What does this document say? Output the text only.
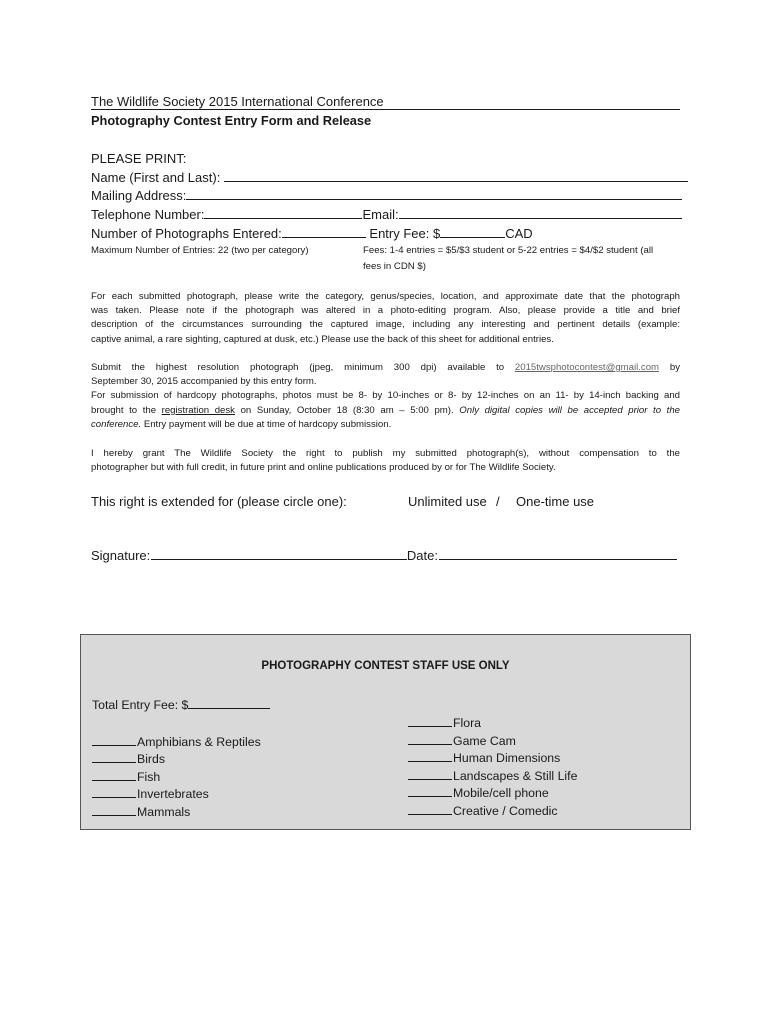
The Wildlife Society 2015 International Conference
Photography Contest Entry Form and Release
PLEASE PRINT:
Name (First and Last):
Mailing Address:
Telephone Number:	Email:
Number of Photographs Entered:	Entry Fee: $	CAD
Maximum Number of Entries: 22 (two per category)	Fees: 1-4 entries = $5/$3 student or 5-22 entries = $4/$2 student (all
fees in CDN $)
For each submitted photograph, please write the category, genus/species, location, and approximate date that the photograph
was taken. Please note if the photograph was altered in a photo-editing program. Also, please provide a title and brief
description of the circumstances surrounding the captured image, including any interesting and pertinent details (example:
captive animal, a rare sighting, captured at dusk, etc.) Please use the back of this sheet for additional entries.
Submit the highest resolution photograph (jpeg, minimum 300 dpi) available to 2015twsphotocontest@gmail.com by
September 30, 2015 accompanied by this entry form.
For submission of hardcopy photographs, photos must be 8- by 10-inches or 8- by 12-inches on an 11- by 14-inch backing and
brought to the registration desk on Sunday, October 18 (8:30 am – 5:00 pm). Only digital copies will be accepted prior to the
conference. Entry payment will be due at time of hardcopy submission.
I hereby grant The Wildlife Society the right to publish my submitted photograph(s), without compensation to the
photographer but with full credit, in future print and online publications produced by or for The Wildlife Society.
This right is extended for (please circle one):	Unlimited use / One-time use
Signature:	Date:
PHOTOGRAPHY CONTEST STAFF USE ONLY
Total Entry Fee: $
Amphibians & Reptiles
Birds
Fish
Invertebrates
Mammals
Flora
Game Cam
Human Dimensions
Landscapes & Still Life
Mobile/cell phone
Creative / Comedic
